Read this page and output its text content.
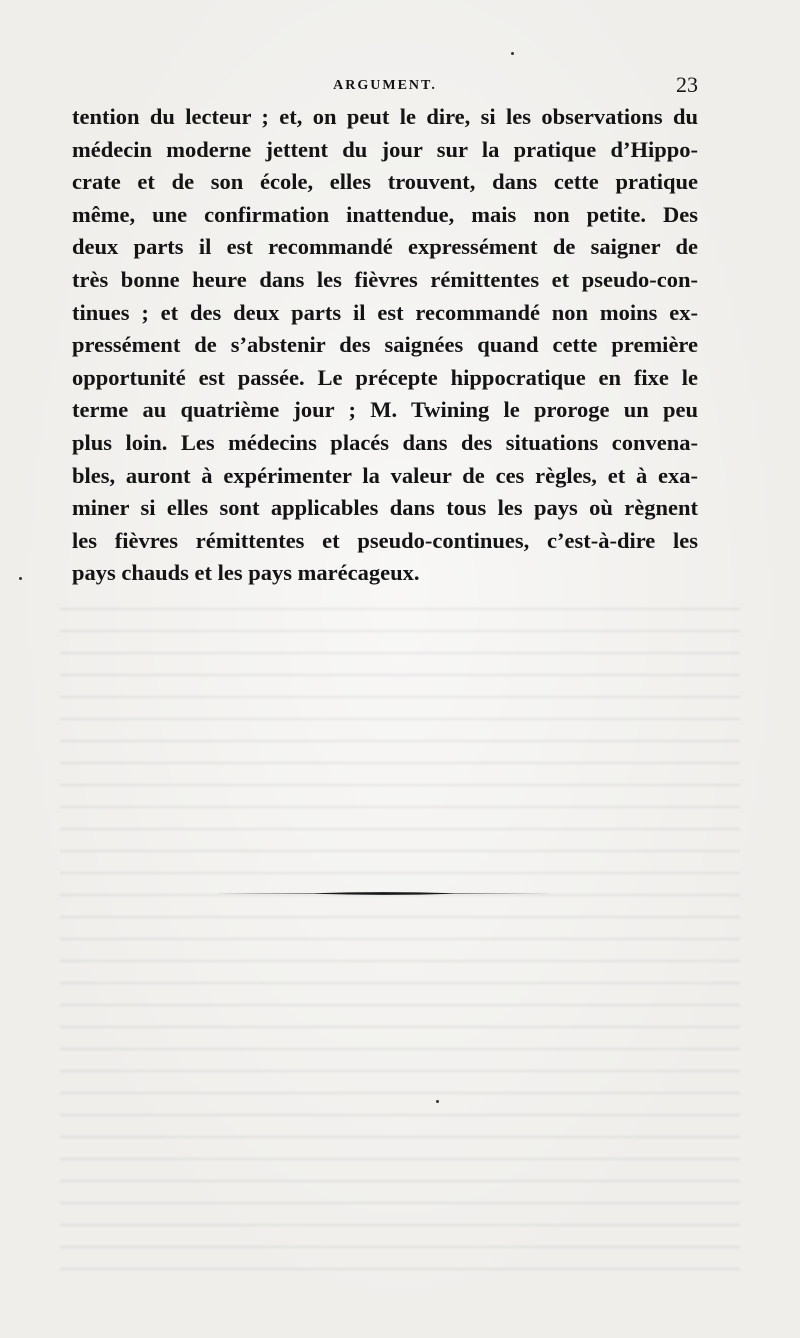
ARGUMENT.	23

tention du lecteur ; et, on peut le dire, si les observations du
médecin moderne jettent du jour sur la pratique d’Hippo-
crate et de son école, elles trouvent, dans cette pratique
même, une confirmation inattendue, mais non petite. Des
deux parts il est recommandé expressément de saigner de
très bonne heure dans les fièvres rémittentes et pseudo-con-
tinues ; et des deux parts il est recommandé non moins ex-
pressément de s’abstenir des saignées quand cette première
opportunité est passée. Le précepte hippocratique en fixe le
terme au quatrième jour ; M. Twining le proroge un peu
plus loin. Les médecins placés dans des situations convena-
bles, auront à expérimenter la valeur de ces règles, et à exa-
miner si elles sont applicables dans tous les pays où règnent
les fièvres rémittentes et pseudo-continues, c’est-à-dire les
pays chauds et les pays marécageux.
